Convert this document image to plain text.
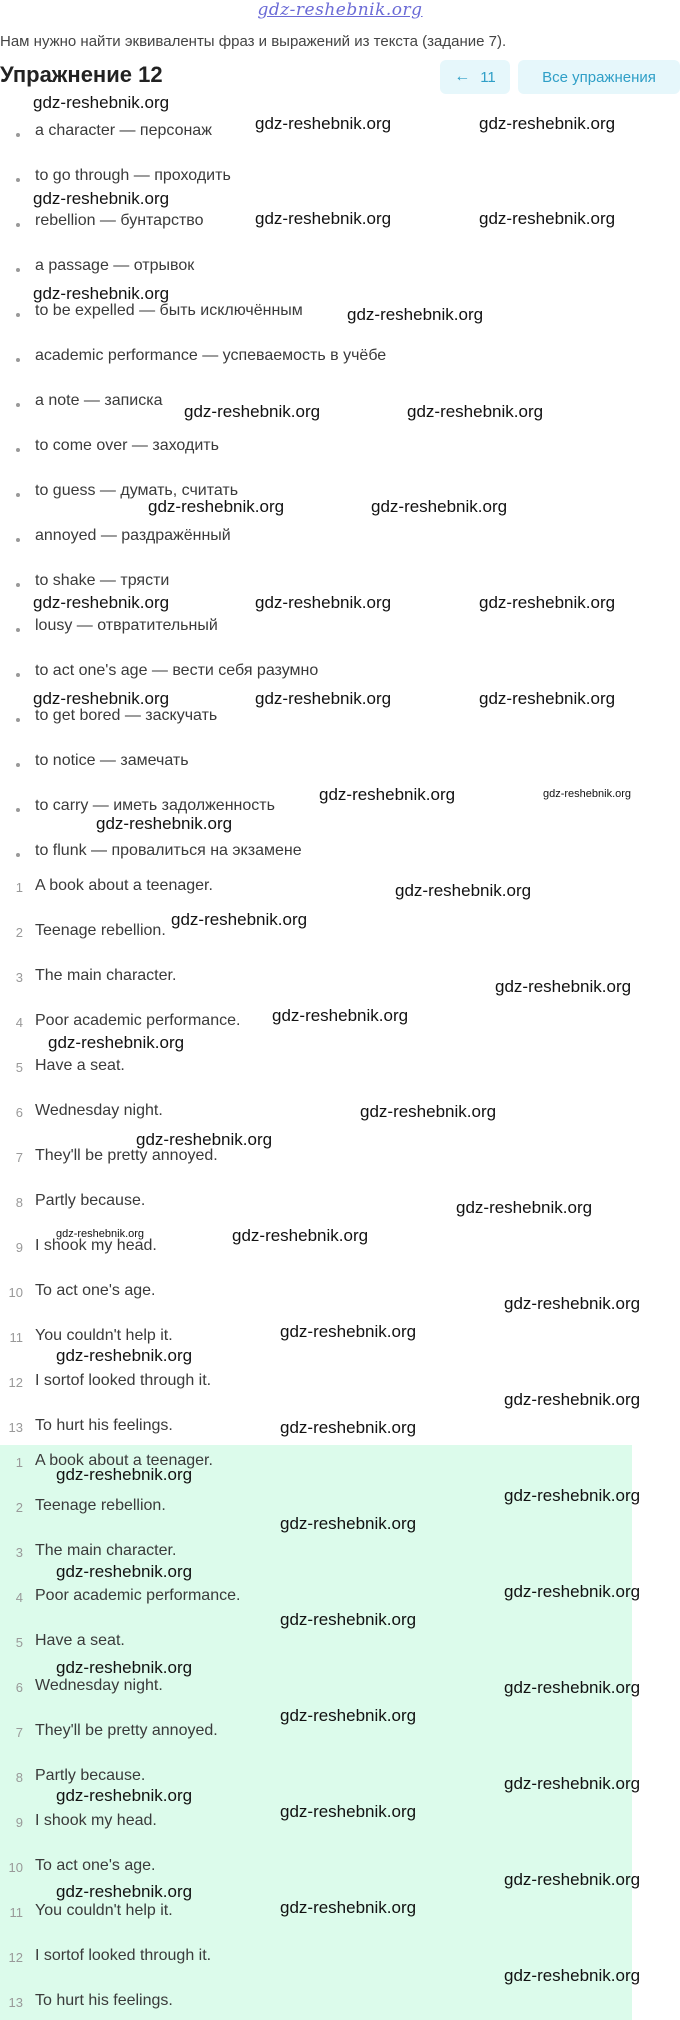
gdz-reshebnik.org
Нам нужно найти эквиваленты фраз и выражений из текста (задание 7).
Упражнение 12	← 11	Все упражнения
a character — персонаж
to go through — проходить
rebellion — бунтарство
a passage — отрывок
to be expelled — быть исключённым
academic performance — успеваемость в учёбе
a note — записка
to come over — заходить
to guess — думать, считать
annoyed — раздражённый
to shake — трясти
lousy — отвратительный
to act one's age — вести себя разумно
to get bored — заскучать
to notice — замечать
to carry — иметь задолженность
to flunk — провалиться на экзамене
1 A book about a teenager.
2 Teenage rebellion.
3 The main character.
4 Poor academic performance.
5 Have a seat.
6 Wednesday night.
7 They'll be pretty annoyed.
8 Partly because.
9 I shook my head.
10 To act one's age.
11 You couldn't help it.
12 I sortof looked through it.
13 To hurt his feelings.
1 A book about a teenager.
2 Teenage rebellion.
3 The main character.
4 Poor academic performance.
5 Have a seat.
6 Wednesday night.
7 They'll be pretty annoyed.
8 Partly because.
9 I shook my head.
10 To act one's age.
11 You couldn't help it.
12 I sortof looked through it.
13 To hurt his feelings.
gdz-reshebnik.org
gdz-reshebnik.org	gdz-reshebnik.org
gdz-reshebnik.org
gdz-reshebnik.org	gdz-reshebnik.org
gdz-reshebnik.org
gdz-reshebnik.org
gdz-reshebnik.org	gdz-reshebnik.org
gdz-reshebnik.org	gdz-reshebnik.org
gdz-reshebnik.org	gdz-reshebnik.org	gdz-reshebnik.org
gdz-reshebnik.org	gdz-reshebnik.org	gdz-reshebnik.org
gdz-reshebnik.org	gdz-reshebnik.org
gdz-reshebnik.org
gdz-reshebnik.org
gdz-reshebnik.org
gdz-reshebnik.org
gdz-reshebnik.org
gdz-reshebnik.org
gdz-reshebnik.org
gdz-reshebnik.org
gdz-reshebnik.org
gdz-reshebnik.org	gdz-reshebnik.org
gdz-reshebnik.org
gdz-reshebnik.org
gdz-reshebnik.org
gdz-reshebnik.org
gdz-reshebnik.org
gdz-reshebnik.org
gdz-reshebnik.org
gdz-reshebnik.org
gdz-reshebnik.org
gdz-reshebnik.org
gdz-reshebnik.org
gdz-reshebnik.org
gdz-reshebnik.org
gdz-reshebnik.org
gdz-reshebnik.org
gdz-reshebnik.org
gdz-reshebnik.org
gdz-reshebnik.org
gdz-reshebnik.org
gdz-reshebnik.org
gdz-reshebnik.org
